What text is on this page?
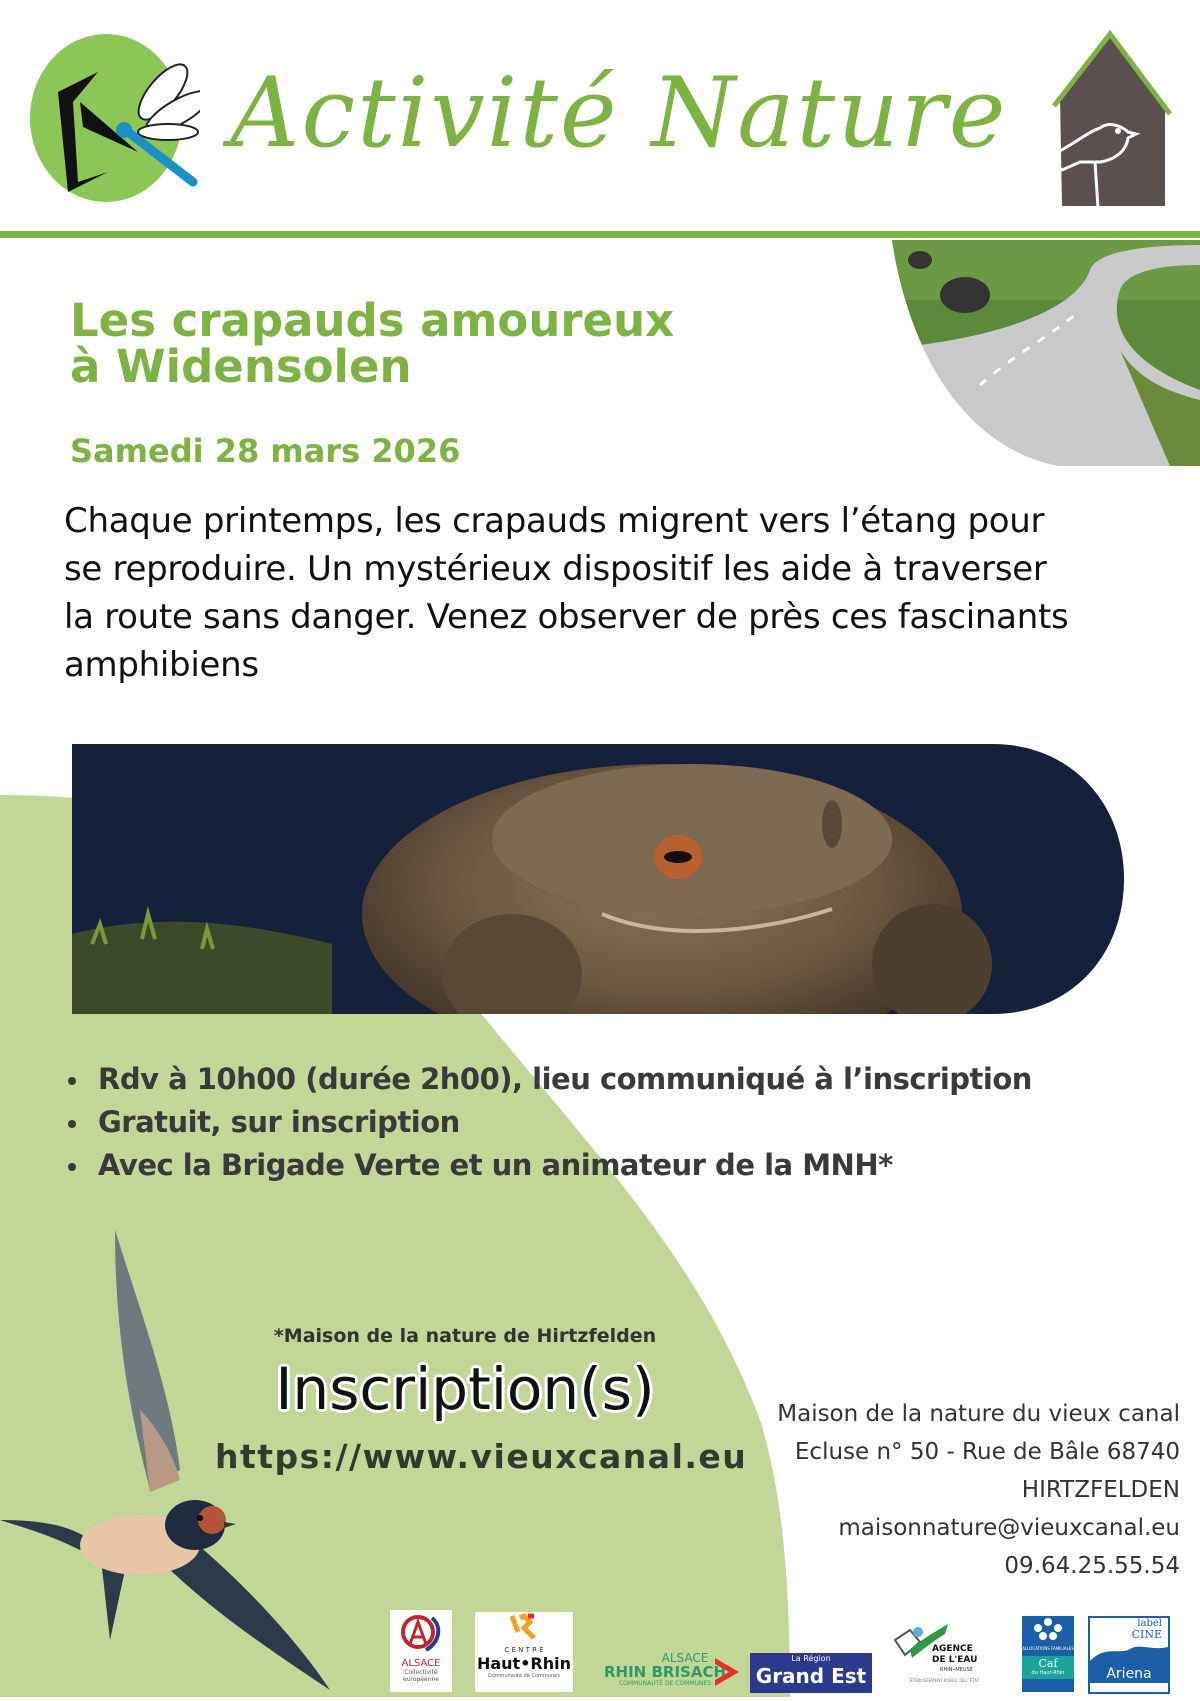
Activité Nature
Les crapauds amoureux
à Widensolen
Samedi 28 mars 2026
Chaque printemps, les crapauds migrent vers l’étang pour se reproduire. Un mystérieux dispositif les aide à traverser la route sans danger. Venez observer de près ces fascinants amphibiens
Rdv à 10h00 (durée 2h00), lieu communiqué à l’inscription
Gratuit, sur inscription
Avec la Brigade Verte et un animateur de la MNH*
*Maison de la nature de Hirtzfelden
Inscription(s)
https://www.vieuxcanal.eu
Maison de la nature du vieux canal
Ecluse n° 50 - Rue de Bâle 68740
HIRTZFELDEN
maisonnature@vieuxcanal.eu
09.64.25.55.54
ALSACE
Collectivité
européenne
C E N T R E
Haut•Rhin
Communauté de Communes
ALSACE
RHIN BRISACH
COMMUNAUTÉ DE COMMUNES
La Région
Grand Est
AGENCE
DE L'EAU
RHIN•MEUSE
ÉTABLISSEMENT PUBLIC DE L'ÉTAT
ALLOCATIONS FAMILIALES
Caf
du Haut-Rhin
label
CINE
Ariena
